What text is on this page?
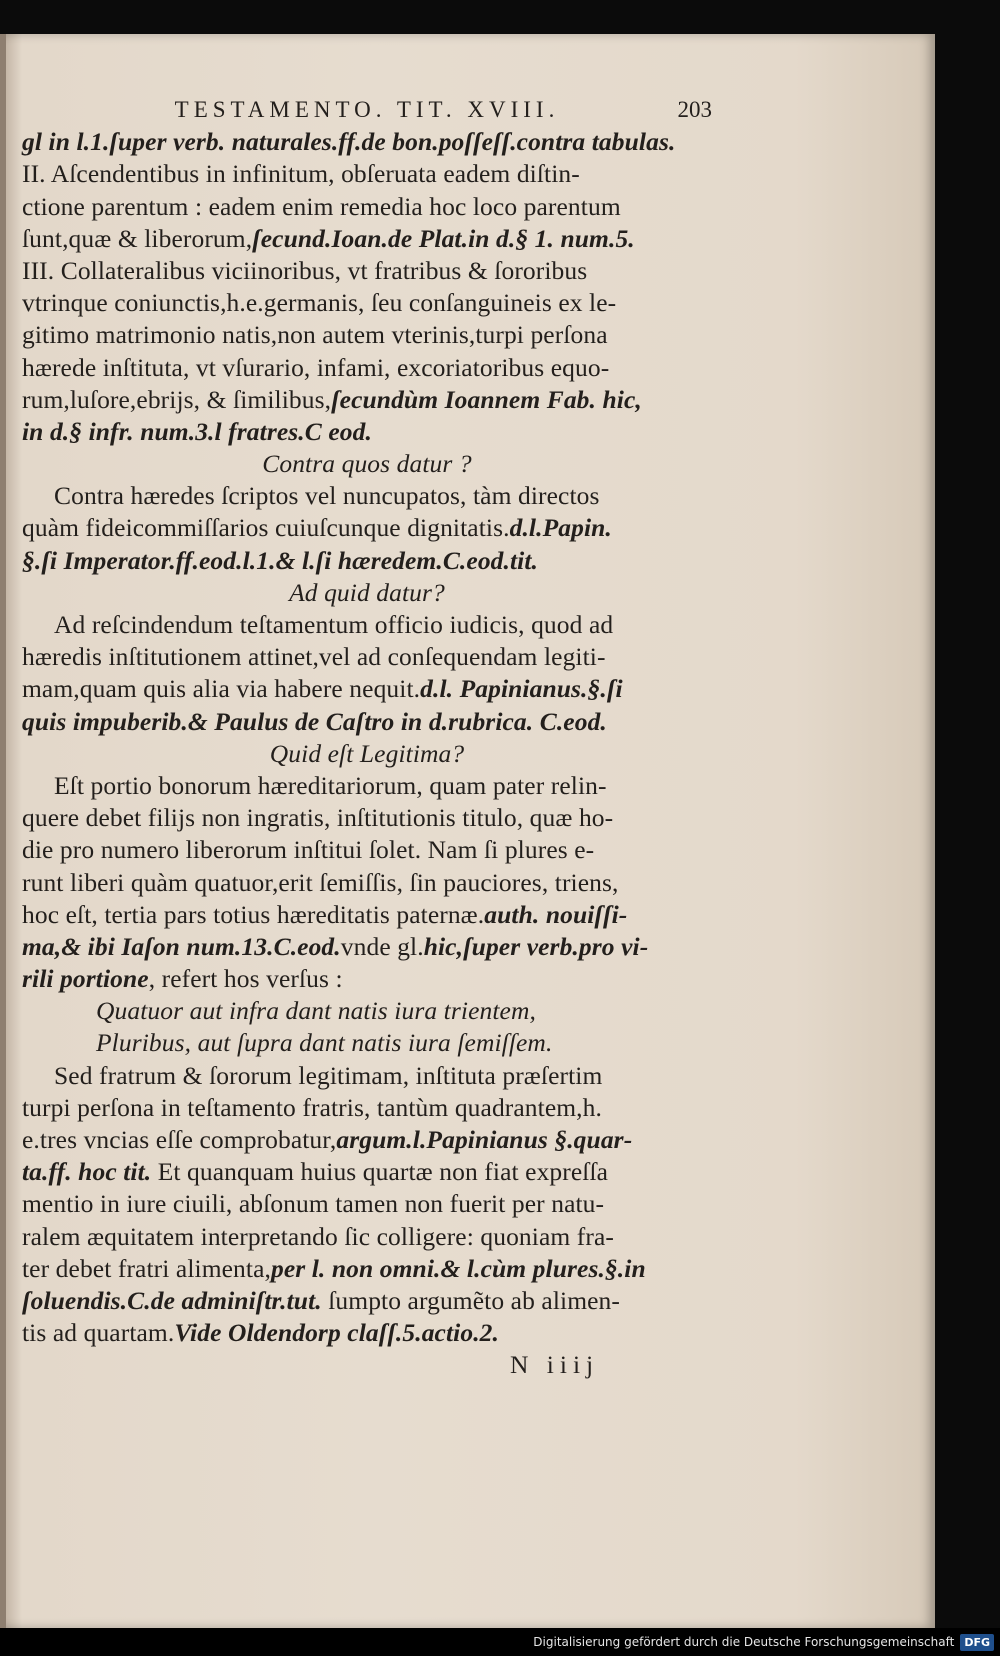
TESTAMENTO. TIT. XVIII.	203
gl in l.1.ſuper verb. naturales.ff.de bon.poſſeſſ.contra tabulas.
II. Aſcendentibus in infinitum, obſeruata eadem diſtin-
ctione parentum : eadem enim remedia hoc loco parentum
ſunt,quæ & liberorum,ſecund.Ioan.de Plat.in d.§ 1. num.5.
III. Collateralibus viciinoribus, vt fratribus & ſororibus
vtrinque coniunctis,h.e.germanis, ſeu conſanguineis ex le-
gitimo matrimonio natis,non autem vterinis,turpi perſona
hærede inſtituta, vt vſurario, infami, excoriatoribus equo-
rum,luſore,ebrijs, & ſimilibus,ſecundùm Ioannem Fab. hic,
in d.§ infr. num.3.l fratres.C eod.
Contra quos datur ?
Contra hæredes ſcriptos vel nuncupatos, tàm directos
quàm fideicommiſſarios cuiuſcunque dignitatis.d.l.Papin.
§.ſi Imperator.ff.eod.l.1.& l.ſi hæredem.C.eod.tit.
Ad quid datur?
Ad reſcindendum teſtamentum officio iudicis, quod ad
hæredis inſtitutionem attinet,vel ad conſequendam legiti-
mam,quam quis alia via habere nequit.d.l. Papinianus.§.ſi
quis impuberib.& Paulus de Caſtro in d.rubrica. C.eod.
Quid eſt Legitima?
Eſt portio bonorum hæreditariorum, quam pater relin-
quere debet filijs non ingratis, inſtitutionis titulo, quæ ho-
die pro numero liberorum inſtitui ſolet. Nam ſi plures e-
runt liberi quàm quatuor,erit ſemiſſis, ſin pauciores, triens,
hoc eſt, tertia pars totius hæreditatis paternæ.auth. nouiſſi-
ma,& ibi Iaſon num.13.C.eod.vnde gl.hic,ſuper verb.pro vi-
rili portione, refert hos verſus :
Quatuor aut infra dant natis iura trientem,
Pluribus, aut ſupra dant natis iura ſemiſſem.
Sed fratrum & ſororum legitimam, inſtituta præſertim
turpi perſona in teſtamento fratris, tantùm quadrantem,h.
e.tres vncias eſſe comprobatur,argum.l.Papinianus §.quar-
ta.ff. hoc tit. Et quanquam huius quartæ non fiat expreſſa
mentio in iure ciuili, abſonum tamen non fuerit per natu-
ralem æquitatem interpretando ſic colligere: quoniam fra-
ter debet fratri alimenta,per l. non omni.& l.cùm plures.§.in
ſoluendis.C.de adminiſtr.tut. ſumpto argumẽto ab alimen-
tis ad quartam.Vide Oldendorp claſſ.5.actio.2.
N iiij
Digitalisierung gefördert durch die Deutsche Forschungsgemeinschaft DFG
